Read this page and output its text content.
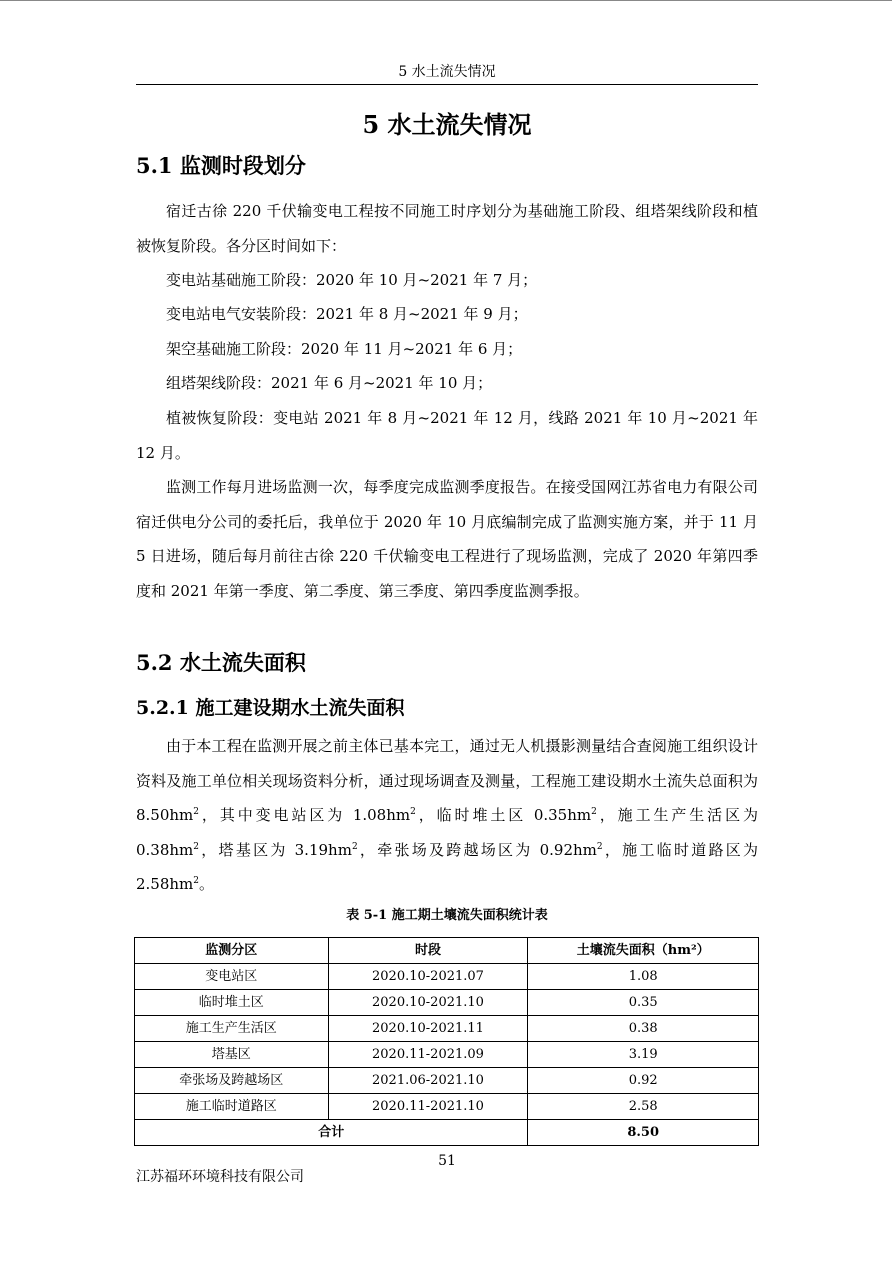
5 水土流失情况
5 水土流失情况
5.1 监测时段划分

宿迁古徐 220 千伏输变电工程按不同施工时序划分为基础施工阶段、组塔架线阶段和植被恢复阶段。各分区时间如下：

变电站基础施工阶段：2020 年 10 月~2021 年 7 月；

变电站电气安装阶段：2021 年 8 月~2021 年 9 月；

架空基础施工阶段：2020 年 11 月~2021 年 6 月；

组塔架线阶段：2021 年 6 月~2021 年 10 月；

植被恢复阶段：变电站 2021 年 8 月~2021 年 12 月，线路 2021 年 10 月~2021 年 12 月。

监测工作每月进场监测一次，每季度完成监测季度报告。在接受国网江苏省电力有限公司宿迁供电分公司的委托后，我单位于 2020 年 10 月底编制完成了监测实施方案，并于 11 月 5 日进场，随后每月前往古徐 220 千伏输变电工程进行了现场监测，完成了 2020 年第四季度和 2021 年第一季度、第二季度、第三季度、第四季度监测季报。

5.2 水土流失面积
5.2.1 施工建设期水土流失面积

由于本工程在监测开展之前主体已基本完工，通过无人机摄影测量结合查阅施工组织设计资料及施工单位相关现场资料分析，通过现场调查及测量，工程施工建设期水土流失总面积为 $8.50hm^2$，其中变电站区为 $1.08hm^2$，临时堆土区 $0.35hm^2$，施工生产生活区为 $0.38hm^2$，塔基区为 $3.19hm^2$，牵张场及跨越场区为 $0.92hm^2$，施工临时道路区为 $2.58hm^2$。

表 5-1 施工期土壤流失面积统计表
监测分区	时段	土壤流失面积（hm²）
变电站区	2020.10-2021.07	1.08
临时堆土区	2020.10-2021.10	0.35
施工生产生活区	2020.10-2021.11	0.38
塔基区	2020.11-2021.09	3.19
牵张场及跨越场区	2021.06-2021.10	0.92
施工临时道路区	2020.11-2021.10	2.58
合计		8.50
51
江苏福环环境科技有限公司
